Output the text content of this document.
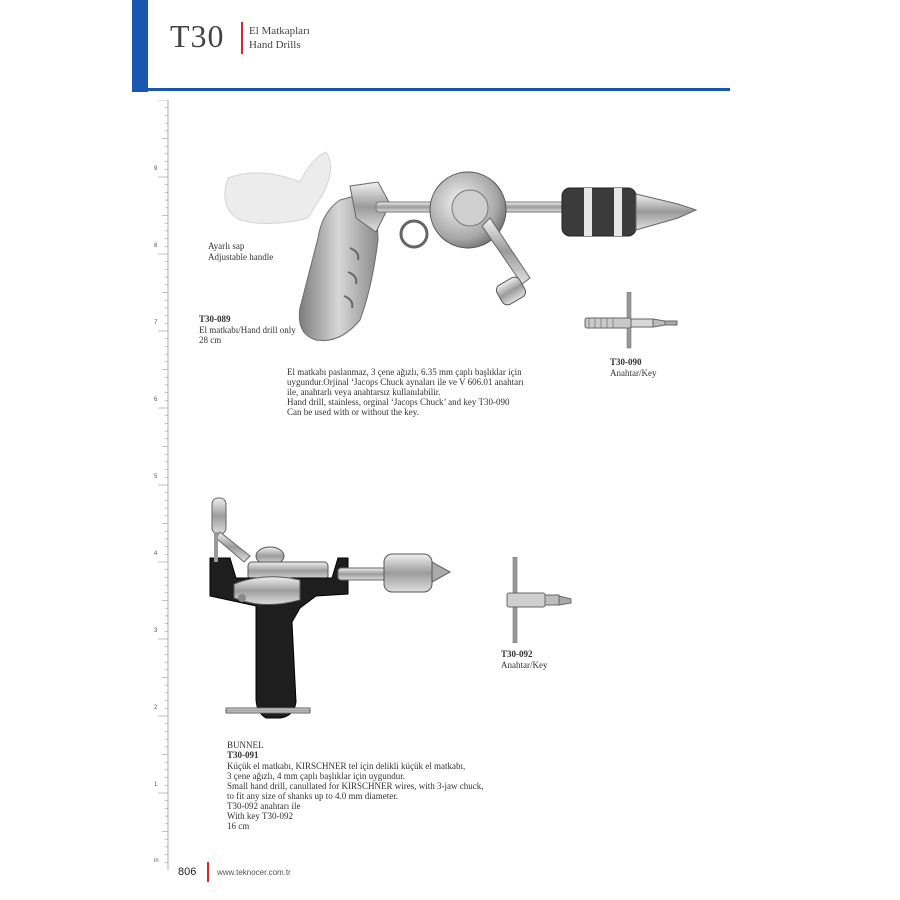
T30 El Matkapları
Hand Drills
9
8
7
6
5
4
3
2
1
in
Ayarlı sap
Adjustable handle
T30-089
El matkabı/Hand drill only
28 cm
El matkabı paslanmaz, 3 çene ağızlı, 6.35 mm çaplı başlıklar için
uygundur.Orjinal ‘Jacops Chuck aynaları ile ve V 606.01 anahtarı
ile, anahtarlı veya anahtarsız kullanılabilir.
Hand drill, stainless, orginal ‘Jacops Chuck’ and key T30-090
Can be used with or without the key.
T30-090
Anahtar/Key
T30-092
Anahtar/Key
BUNNEL
T30-091
Küçük el matkabı, KIRSCHNER tel için delikli küçük el matkabı,
3 çene ağızlı, 4 mm çaplı başlıklar için uygundur.
Small hand drill, canullated for KIRSCHNER wires, with 3-jaw chuck,
to fit any size of shanks up to 4.0 mm diameter.
T30-092 anahtarı ile
With key T30-092
16 cm
806	www.teknocer.com.tr
